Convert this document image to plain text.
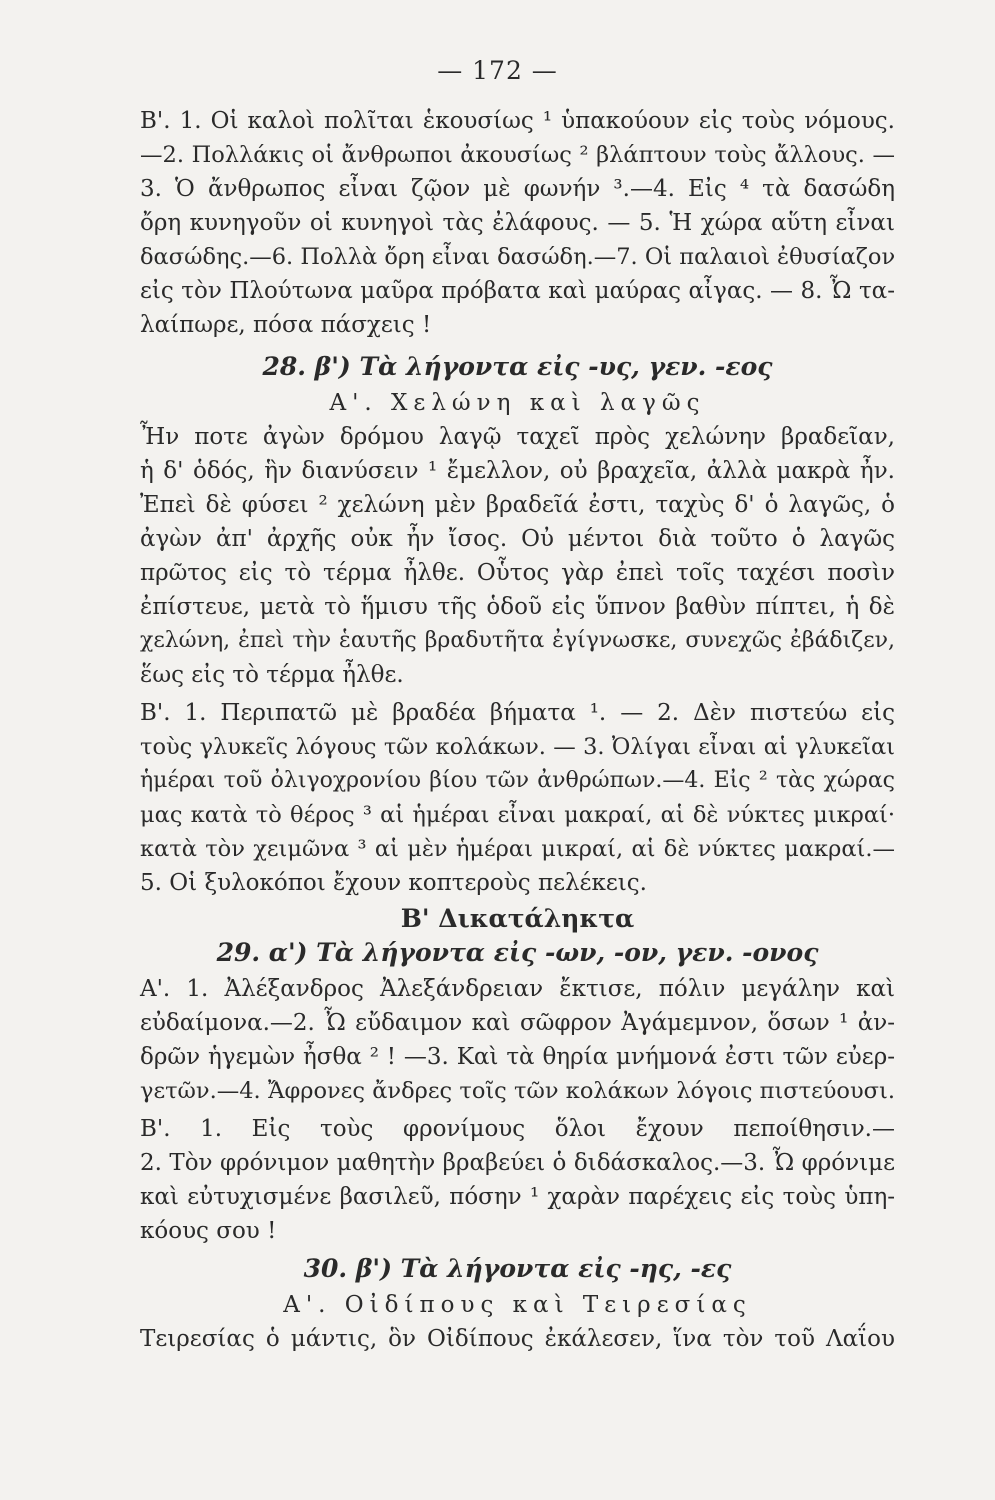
— 172 —
Β'. 1. Οἱ καλοὶ πολῖται ἑκουσίως ¹ ὑπακούουν εἰς τοὺς νόμους.
—2. Πολλάκις οἱ ἄνθρωποι ἀκουσίως ² βλάπτουν τοὺς ἄλλους. —
3. Ὁ ἄνθρωπος εἶναι ζῷον μὲ φωνήν ³.—4. Εἰς ⁴ τὰ δασώδη
ὄρη κυνηγοῦν οἱ κυνηγοὶ τὰς ἐλάφους. — 5. Ἡ χώρα αὕτη εἶναι
δασώδης.—6. Πολλὰ ὄρη εἶναι δασώδη.—7. Οἱ παλαιοὶ ἐθυσίαζον
εἰς τὸν Πλούτωνα μαῦρα πρόβατα καὶ μαύρας αἶγας. — 8. Ὦ τα-
λαίπωρε, πόσα πάσχεις !
28. β') Τὰ λήγοντα εἰς -υς, γεν. -εος
Α'. Χελώνη καὶ λαγῶς
Ἦν ποτε ἀγὼν δρόμου λαγῷ ταχεῖ πρὸς χελώνην βραδεῖαν,
ἡ δ' ὁδός, ἣν διανύσειν ¹ ἔμελλον, οὐ βραχεῖα, ἀλλὰ μακρὰ ἦν.
Ἐπεὶ δὲ φύσει ² χελώνη μὲν βραδεῖά ἐστι, ταχὺς δ' ὁ λαγῶς, ὁ
ἀγὼν ἀπ' ἀρχῆς οὐκ ἦν ἴσος. Οὐ μέντοι διὰ τοῦτο ὁ λαγῶς
πρῶτος εἰς τὸ τέρμα ἦλθε. Οὗτος γὰρ ἐπεὶ τοῖς ταχέσι ποσὶν
ἐπίστευε, μετὰ τὸ ἥμισυ τῆς ὁδοῦ εἰς ὕπνον βαθὺν πίπτει, ἡ δὲ
χελώνη, ἐπεὶ τὴν ἑαυτῆς βραδυτῆτα ἐγίγνωσκε, συνεχῶς ἐβάδιζεν,
ἕως εἰς τὸ τέρμα ἦλθε.
Β'. 1. Περιπατῶ μὲ βραδέα βήματα ¹. — 2. Δὲν πιστεύω εἰς
τοὺς γλυκεῖς λόγους τῶν κολάκων. — 3. Ὀλίγαι εἶναι αἱ γλυκεῖαι
ἡμέραι τοῦ ὀλιγοχρονίου βίου τῶν ἀνθρώπων.—4. Εἰς ² τὰς χώρας
μας κατὰ τὸ θέρος ³ αἱ ἡμέραι εἶναι μακραί, αἱ δὲ νύκτες μικραί·
κατὰ τὸν χειμῶνα ³ αἱ μὲν ἡμέραι μικραί, αἱ δὲ νύκτες μακραί.—
5. Οἱ ξυλοκόποι ἔχουν κοπτεροὺς πελέκεις.
Β' Δικατάληκτα
29. α') Τὰ λήγοντα εἰς -ων, -ον, γεν. -ονος
Α'. 1. Ἀλέξανδρος Ἀλεξάνδρειαν ἔκτισε, πόλιν μεγάλην καὶ
εὐδαίμονα.—2. Ὦ εὔδαιμον καὶ σῶφρον Ἀγάμεμνον, ὅσων ¹ ἀν-
δρῶν ἡγεμὼν ἦσθα ² ! —3. Καὶ τὰ θηρία μνήμονά ἐστι τῶν εὐερ-
γετῶν.—4. Ἄφρονες ἄνδρες τοῖς τῶν κολάκων λόγοις πιστεύουσι.
Β'. 1. Εἰς τοὺς φρονίμους ὅλοι ἔχουν πεποίθησιν.—
2. Τὸν φρόνιμον μαθητὴν βραβεύει ὁ διδάσκαλος.—3. Ὦ φρόνιμε
καὶ εὐτυχισμένε βασιλεῦ, πόσην ¹ χαρὰν παρέχεις εἰς τοὺς ὑπη-
κόους σου !
30. β') Τὰ λήγοντα εἰς -ης, -ες
Α'. Οἰδίπους καὶ Τειρεσίας
Τειρεσίας ὁ μάντις, ὃν Οἰδίπους ἐκάλεσεν, ἵνα τὸν τοῦ Λαΐου
